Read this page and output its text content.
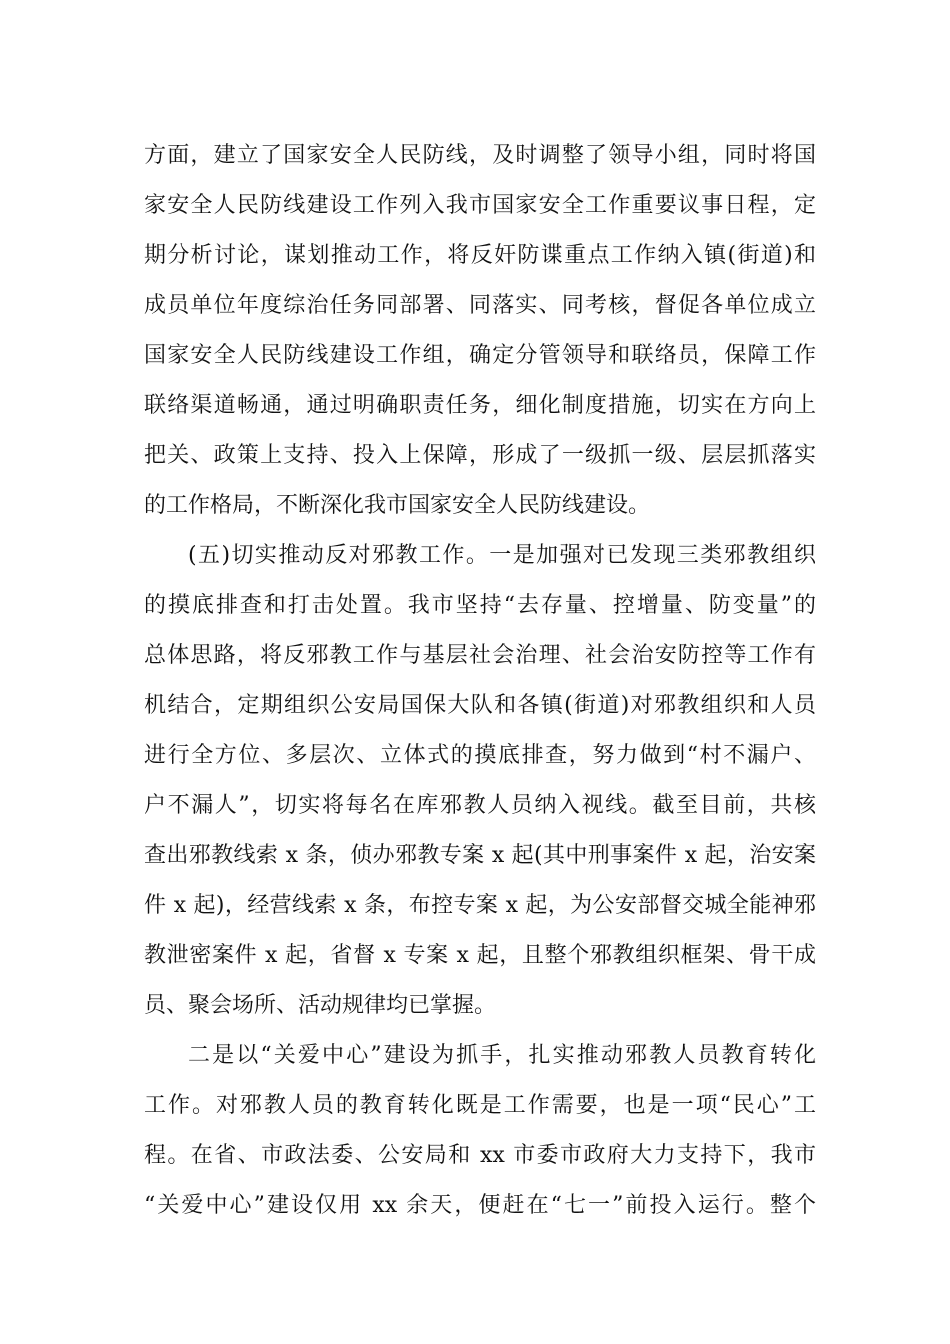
方面，建立了国家安全人民防线，及时调整了领导小组，同时将国
家安全人民防线建设工作列入我市国家安全工作重要议事日程，定
期分析讨论，谋划推动工作，将反奸防谍重点工作纳入镇(街道)和
成员单位年度综治任务同部署、同落实、同考核，督促各单位成立
国家安全人民防线建设工作组，确定分管领导和联络员，保障工作
联络渠道畅通，通过明确职责任务，细化制度措施，切实在方向上
把关、政策上支持、投入上保障，形成了一级抓一级、层层抓落实
的工作格局，不断深化我市国家安全人民防线建设。
(五)切实推动反对邪教工作。一是加强对已发现三类邪教组织
的摸底排查和打击处置。我市坚持“去存量、控增量、防变量”的
总体思路，将反邪教工作与基层社会治理、社会治安防控等工作有
机结合，定期组织公安局国保大队和各镇(街道)对邪教组织和人员
进行全方位、多层次、立体式的摸底排查，努力做到“村不漏户、
户不漏人”，切实将每名在库邪教人员纳入视线。截至目前，共核
查出邪教线索 x 条，侦办邪教专案 x 起(其中刑事案件 x 起，治安案
件 x 起)，经营线索 x 条，布控专案 x 起，为公安部督交城全能神邪
教泄密案件 x 起，省督 x 专案 x 起，且整个邪教组织框架、骨干成
员、聚会场所、活动规律均已掌握。
二是以“关爱中心”建设为抓手，扎实推动邪教人员教育转化
工作。对邪教人员的教育转化既是工作需要，也是一项“民心”工
程。在省、市政法委、公安局和 xx 市委市政府大力支持下，我市
“关爱中心”建设仅用 xx 余天，便赶在“七一”前投入运行。整个
